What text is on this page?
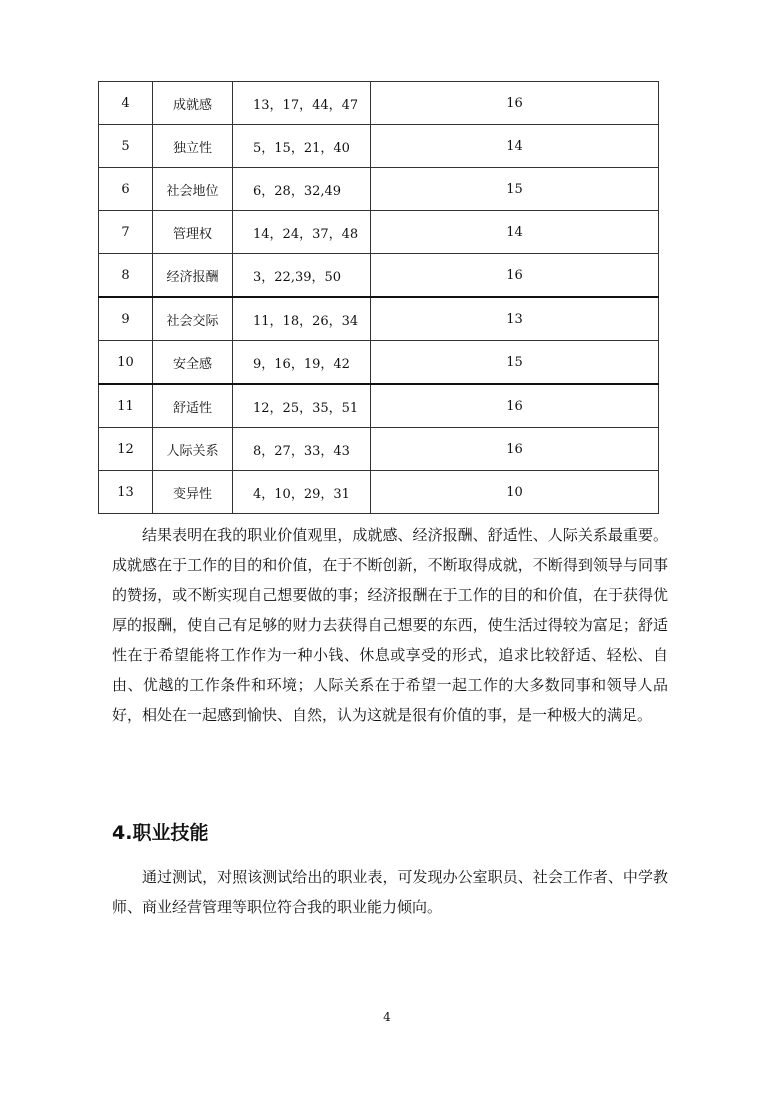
4	成就感	13，17，44，47	16
5	独立性	5，15，21，40	14
6	社会地位	6，28，32,49	15
7	管理权	14，24，37，48	14
8	经济报酬	3，22,39，50	16
9	社会交际	11，18，26，34	13
10	安全感	9，16，19，42	15
11	舒适性	12，25，35，51	16
12	人际关系	8，27，33，43	16
13	变异性	4，10，29，31	10

结果表明在我的职业价值观里，成就感、经济报酬、舒适性、人际关系最重要。成就感在于工作的目的和价值，在于不断创新，不断取得成就，不断得到领导与同事的赞扬，或不断实现自己想要做的事；经济报酬在于工作的目的和价值，在于获得优厚的报酬，使自己有足够的财力去获得自己想要的东西，使生活过得较为富足；舒适性在于希望能将工作作为一种小钱、休息或享受的形式，追求比较舒适、轻松、自由、优越的工作条件和环境；人际关系在于希望一起工作的大多数同事和领导人品好，相处在一起感到愉快、自然，认为这就是很有价值的事，是一种极大的满足。

4.职业技能

通过测试，对照该测试给出的职业表，可发现办公室职员、社会工作者、中学教师、商业经营管理等职位符合我的职业能力倾向。

4
